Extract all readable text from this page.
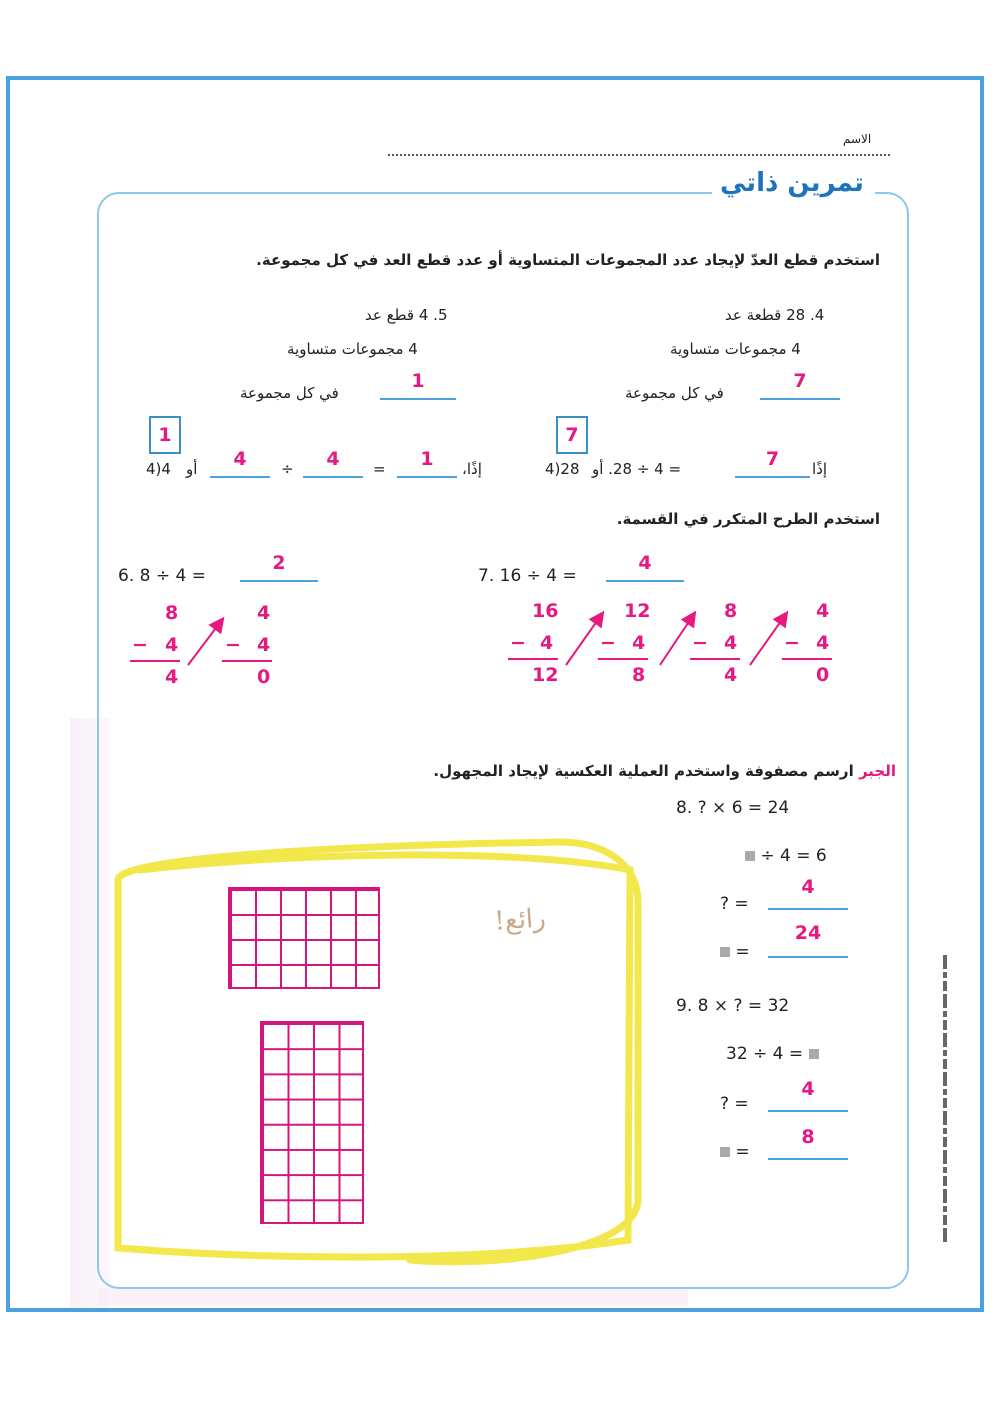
الاسم
تمرين ذاتي
استخدم قطع العدّ لإيجاد عدد المجموعات المتساوية أو عدد قطع العد في كل مجموعة.
4. 28 قطعة عد
4 مجموعات متساوية
7
في كل مجموعة
7
إذًا
7
= 4 ÷ 28. أو
4)28
5. 4 قطع عد
4 مجموعات متساوية
1
في كل مجموعة
1
إذًا،
1
=
4
÷
4
أو
4)4
استخدم الطرح المتكرر في القسمة.
6. 8 ÷ 4 =
2
8
− 4
4
4
− 4
0
7. 16 ÷ 4 =
4
16
− 4
12
12
− 4
8
8
− 4
4
4
− 4
0
الجبر ارسم مصفوفة واستخدم العملية العكسية لإيجاد المجهول.
رائع!
8. ? × 6 = 24
÷ 4 = 6
? =
4
=
24
9. 8 × ? = 32
32 ÷ 4 =
? =
4
=
8
